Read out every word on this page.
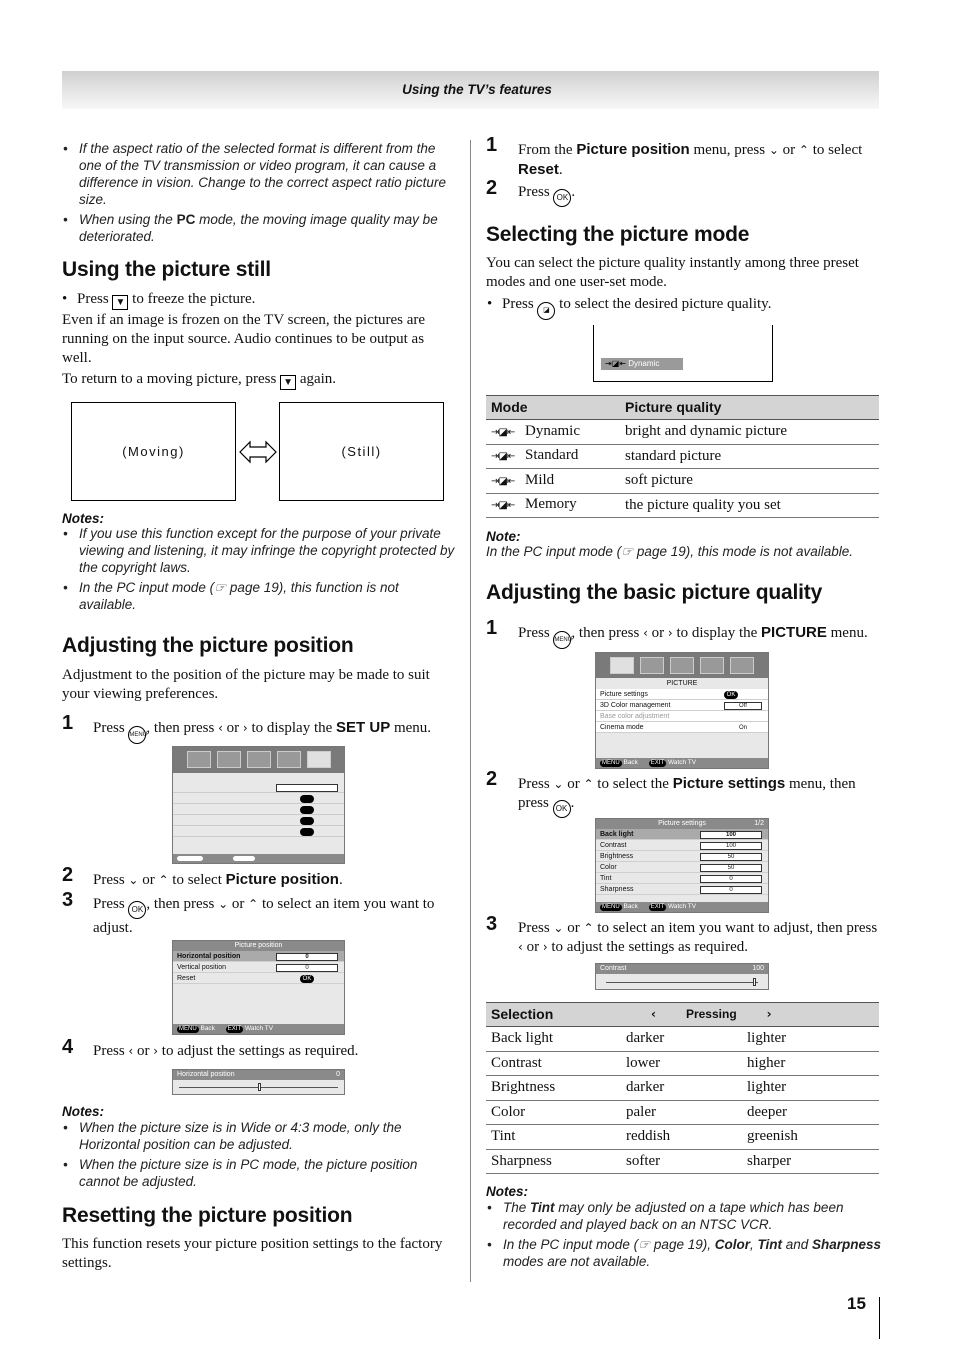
Using the TV’s features
• If the aspect ratio of the selected format is different from the one of the TV transmission or video program, it can cause a difference in vision. Change to the correct aspect ratio picture size.
• When using the PC mode, the moving image quality may be deteriorated.
Using the picture still
• Press ▼ to freeze the picture.
Even if an image is frozen on the TV screen, the pictures are running on the input source. Audio continues to be output as well.
To return to a moving picture, press ▼ again.
(Moving)	(Still)
Notes:
• If you use this function except for the purpose of your private viewing and listening, it may infringe the copyright protected by the copyright laws.
• In the PC input mode (☞ page 19), this function is not available.
Adjusting the picture position
Adjustment to the position of the picture may be made to suit your viewing preferences.
1 Press MENU, then press ‹ or › to display the SET UP menu.
2 Press ⌄ or ⌃ to select Picture position.
3 Press OK , then press ⌄ or ⌃ to select an item you want to adjust.
Picture position
Horizontal position	0
Vertical position	0
Reset	OK
MENU Back EXIT Watch TV
4 Press ‹ or › to adjust the settings as required.
Horizontal position	0
Notes:
• When the picture size is in Wide or 4:3 mode, only the Horizontal position can be adjusted.
• When the picture size is in PC mode, the picture position cannot be adjusted.
Resetting the picture position
This function resets your picture position settings to the factory settings.
1 From the Picture position menu, press ⌄ or ⌃ to select Reset.
2 Press OK .
Selecting the picture mode
You can select the picture quality instantly among three preset modes and one user-set mode.
• Press ◪ to select the desired picture quality.
⇥◪⇤ Dynamic
Mode	Picture quality
⇥◪⇤ Dynamic	bright and dynamic picture
⇥◪⇤ Standard	standard picture
⇥◪⇤ Mild	soft picture
⇥◪⇤ Memory	the picture quality you set
Note:
In the PC input mode (☞ page 19), this mode is not available.
Adjusting the basic picture quality
1 Press MENU, then press ‹ or › to display the PICTURE menu.
PICTURE
Picture settings	OK
3D Color management	Off
Base color adjustment
Cinema mode	On
MENU Back EXIT Watch TV
2 Press ⌄ or ⌃ to select the Picture settings menu, then press OK .
Picture settings	1/2
Back light	100
Contrast	100
Brightness	50
Color	50
Tint	0
Sharpness	0
MENU Back EXIT Watch TV
3 Press ⌄ or ⌃ to select an item you want to adjust, then press ‹ or › to adjust the settings as required.
Contrast	100
Selection	‹ Pressing ›	
Back light	darker	lighter
Contrast	lower	higher
Brightness	darker	lighter
Color	paler	deeper
Tint	reddish	greenish
Sharpness	softer	sharper
Notes:
• The Tint may only be adjusted on a tape which has been recorded and played back on an NTSC VCR.
• In the PC input mode (☞ page 19), Color, Tint and Sharpness modes are not available.
15
